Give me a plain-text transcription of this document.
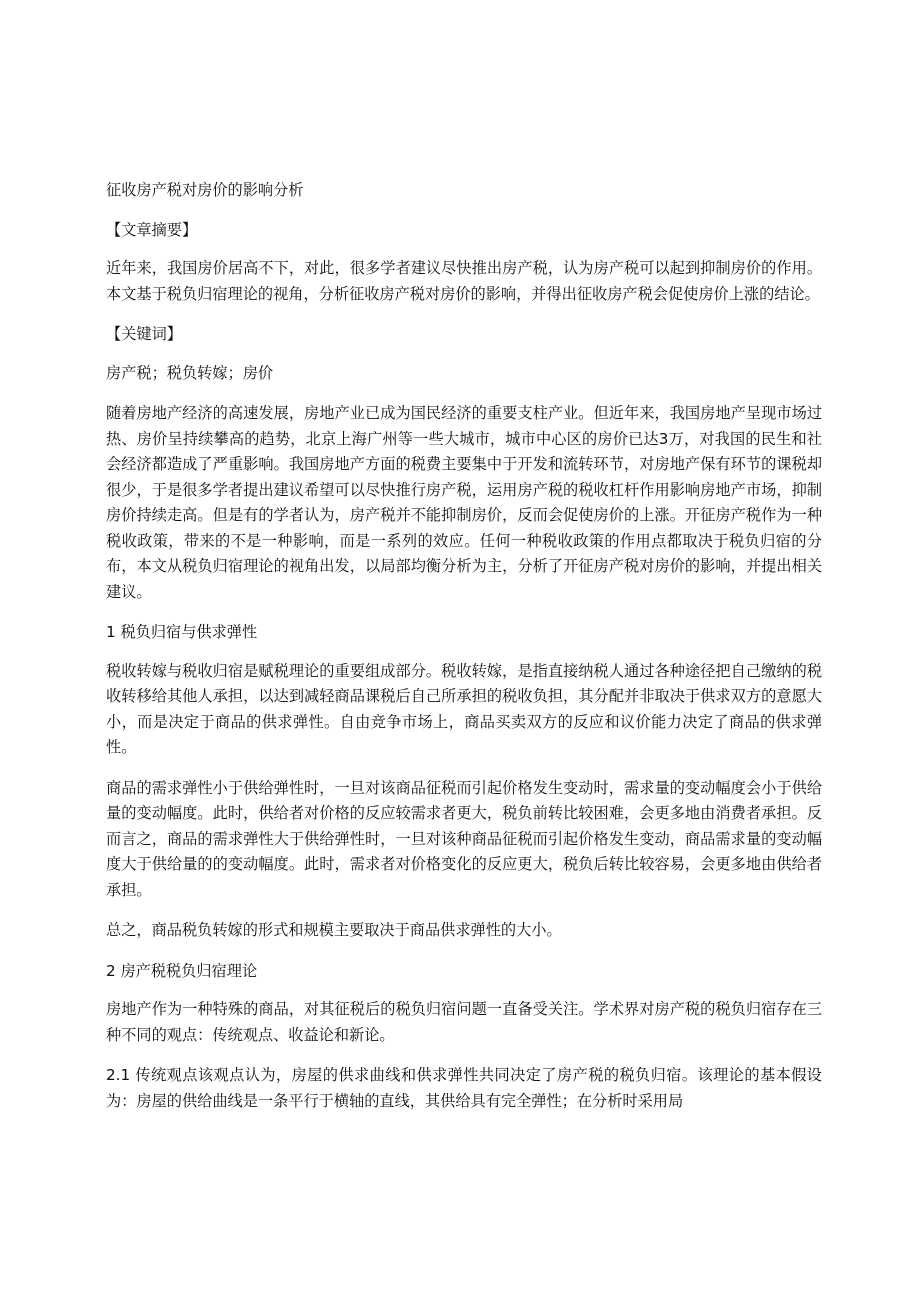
征收房产税对房价的影响分析

【文章摘要】

近年来，我国房价居高不下，对此，很多学者建议尽快推出房产税，认为房产税可以起到抑制房价的作用。本文基于税负归宿理论的视角，分析征收房产税对房价的影响，并得出征收房产税会促使房价上涨的结论。

【关键词】

房产税；税负转嫁；房价

随着房地产经济的高速发展，房地产业已成为国民经济的重要支柱产业。但近年来，我国房地产呈现市场过热、房价呈持续攀高的趋势，北京上海广州等一些大城市，城市中心区的房价已达3万，对我国的民生和社会经济都造成了严重影响。我国房地产方面的税费主要集中于开发和流转环节，对房地产保有环节的课税却很少，于是很多学者提出建议希望可以尽快推行房产税，运用房产税的税收杠杆作用影响房地产市场，抑制房价持续走高。但是有的学者认为，房产税并不能抑制房价，反而会促使房价的上涨。开征房产税作为一种税收政策，带来的不是一种影响，而是一系列的效应。任何一种税收政策的作用点都取决于税负归宿的分布，本文从税负归宿理论的视角出发，以局部均衡分析为主，分析了开征房产税对房价的影响，并提出相关建议。

1 税负归宿与供求弹性

税收转嫁与税收归宿是赋税理论的重要组成部分。税收转嫁，是指直接纳税人通过各种途径把自己缴纳的税收转移给其他人承担，以达到减轻商品课税后自己所承担的税收负担，其分配并非取决于供求双方的意愿大小，而是决定于商品的供求弹性。自由竞争市场上，商品买卖双方的反应和议价能力决定了商品的供求弹性。

商品的需求弹性小于供给弹性时，一旦对该商品征税而引起价格发生变动时，需求量的变动幅度会小于供给量的变动幅度。此时，供给者对价格的反应较需求者更大，税负前转比较困难，会更多地由消费者承担。反而言之，商品的需求弹性大于供给弹性时，一旦对该种商品征税而引起价格发生变动，商品需求量的变动幅度大于供给量的的变动幅度。此时，需求者对价格变化的反应更大，税负后转比较容易，会更多地由供给者承担。

总之，商品税负转嫁的形式和规模主要取决于商品供求弹性的大小。

2 房产税税负归宿理论

房地产作为一种特殊的商品，对其征税后的税负归宿问题一直备受关注。学术界对房产税的税负归宿存在三种不同的观点：传统观点、收益论和新论。

2.1 传统观点该观点认为，房屋的供求曲线和供求弹性共同决定了房产税的税负归宿。该理论的基本假设为：房屋的供给曲线是一条平行于横轴的直线，其供给具有完全弹性；在分析时采用局
